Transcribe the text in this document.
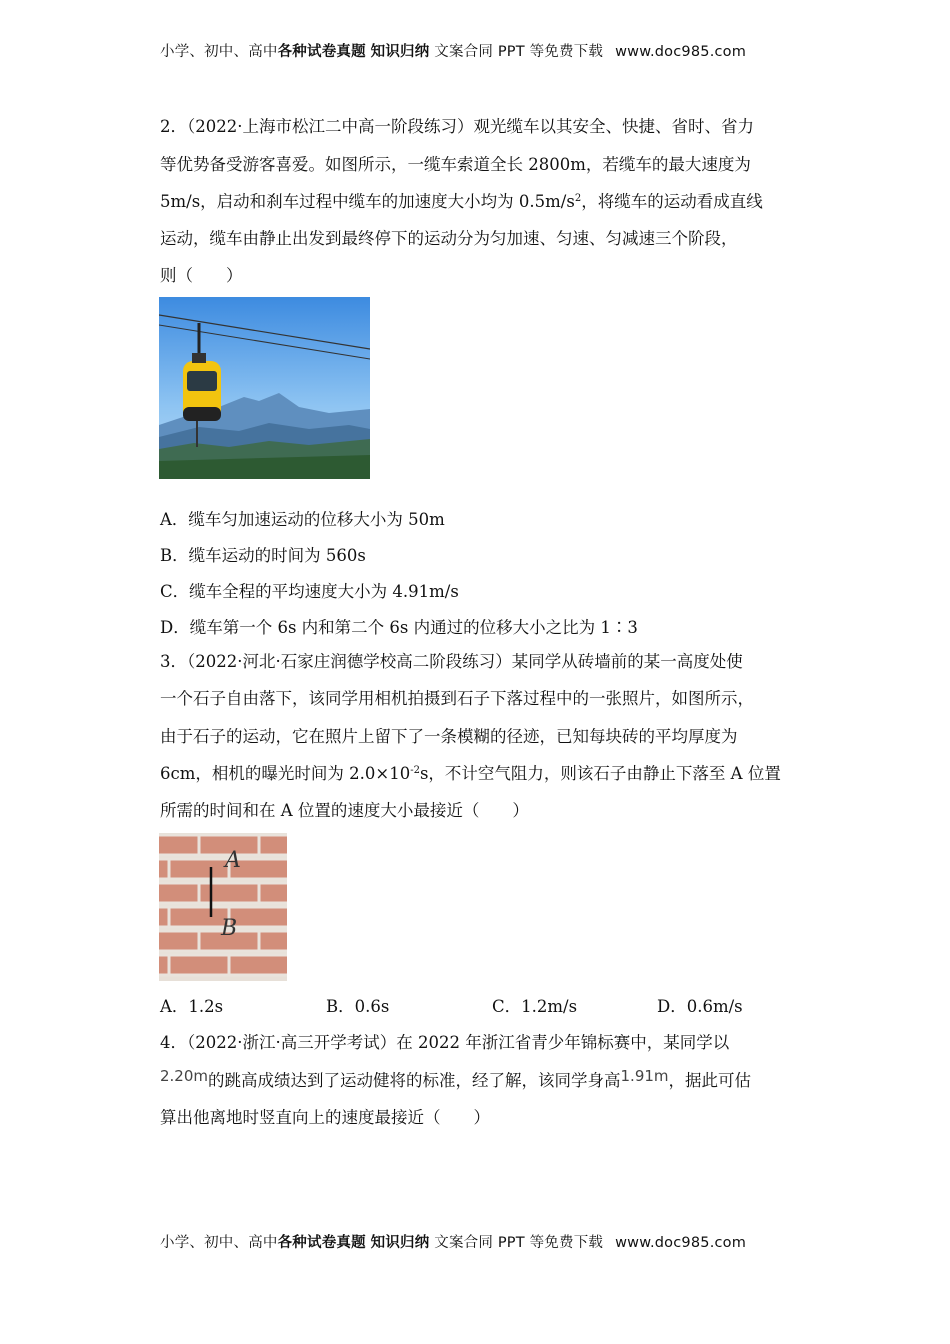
小学、初中、高中各种试卷真题 知识归纳 文案合同 PPT 等免费下载 www.doc985.com
2．（2022·上海市松江二中高一阶段练习）观光缆车以其安全、快捷、省时、省力
等优势备受游客喜爱。如图所示，一缆车索道全长 2800m，若缆车的最大速度为
5m/s，启动和刹车过程中缆车的加速度大小均为 $0.5m/s^2$，将缆车的运动看成直线
运动，缆车由静止出发到最终停下的运动分为匀加速、匀速、匀减速三个阶段，
则（　　）
A．缆车匀加速运动的位移大小为 50m
B．缆车运动的时间为 560s
C．缆车全程的平均速度大小为 4.91m/s
D．缆车第一个 6s 内和第二个 6s 内通过的位移大小之比为 1∶3
3．（2022·河北·石家庄润德学校高二阶段练习）某同学从砖墙前的某一高度处使
一个石子自由落下，该同学用相机拍摄到石子下落过程中的一张照片，如图所示，
由于石子的运动，它在照片上留下了一条模糊的径迹，已知每块砖的平均厚度为
6cm，相机的曝光时间为 $2.0\times 10^{-2}s$，不计空气阻力，则该石子由静止下落至 A 位置
所需的时间和在 A 位置的速度大小最接近（　　）
A
B
A．1.2s	B．0.6s	C．1.2m/s	D．0.6m/s
4．（2022·浙江·高三开学考试）在 2022 年浙江省青少年锦标赛中，某同学以
2.20m的跳高成绩达到了运动健将的标准，经了解，该同学身高1.91m，据此可估
算出他离地时竖直向上的速度最接近（　　）
小学、初中、高中各种试卷真题 知识归纳 文案合同 PPT 等免费下载 www.doc985.com
